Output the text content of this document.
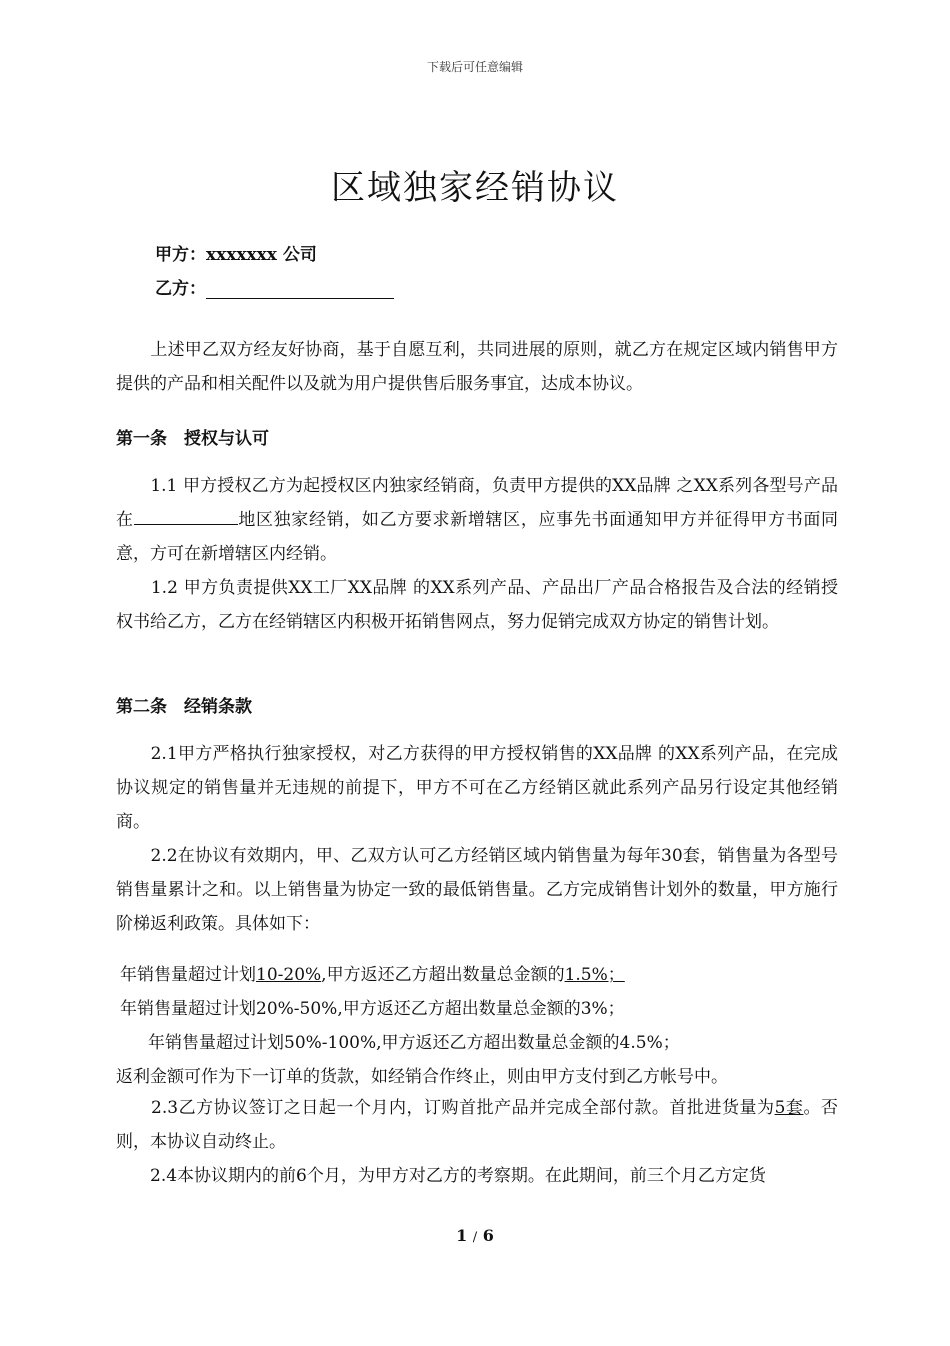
下载后可任意编辑
区域独家经销协议
甲方：xxxxxxx 公司
乙方：
　　上述甲乙双方经友好协商，基于自愿互利，共同进展的原则，就乙方在规定区域内销售甲方提供的产品和相关配件以及就为用户提供售后服务事宜，达成本协议。
第一条　授权与认可
　　1.1 甲方授权乙方为起授权区内独家经销商，负责甲方提供的XX品牌 之XX系列各型号产品在	地区独家经销，如乙方要求新增辖区，应事先书面通知甲方并征得甲方书面同意，方可在新增辖区内经销。
　　1.2 甲方负责提供XX工厂XX品牌 的XX系列产品、产品出厂产品合格报告及合法的经销授权书给乙方，乙方在经销辖区内积极开拓销售网点，努力促销完成双方协定的销售计划。
第二条　经销条款
　　2.1甲方严格执行独家授权，对乙方获得的甲方授权销售的XX品牌 的XX系列产品，在完成协议规定的销售量并无违规的前提下，甲方不可在乙方经销区就此系列产品另行设定其他经销商。
　　2.2在协议有效期内，甲、乙双方认可乙方经销区域内销售量为每年30套，销售量为各型号销售量累计之和。以上销售量为协定一致的最低销售量。乙方完成销售计划外的数量，甲方施行阶梯返利政策。具体如下：
年销售量超过计划10-20%,甲方返还乙方超出数量总金额的1.5%；
年销售量超过计划20%-50%,甲方返还乙方超出数量总金额的3%；
年销售量超过计划50%-100%,甲方返还乙方超出数量总金额的4.5%；
返利金额可作为下一订单的货款，如经销合作终止，则由甲方支付到乙方帐号中。
　　2.3乙方协议签订之日起一个月内，订购首批产品并完成全部付款。首批进货量为5套。否则，本协议自动终止。
　　2.4本协议期内的前6个月，为甲方对乙方的考察期。在此期间，前三个月乙方定货
1 / 6
